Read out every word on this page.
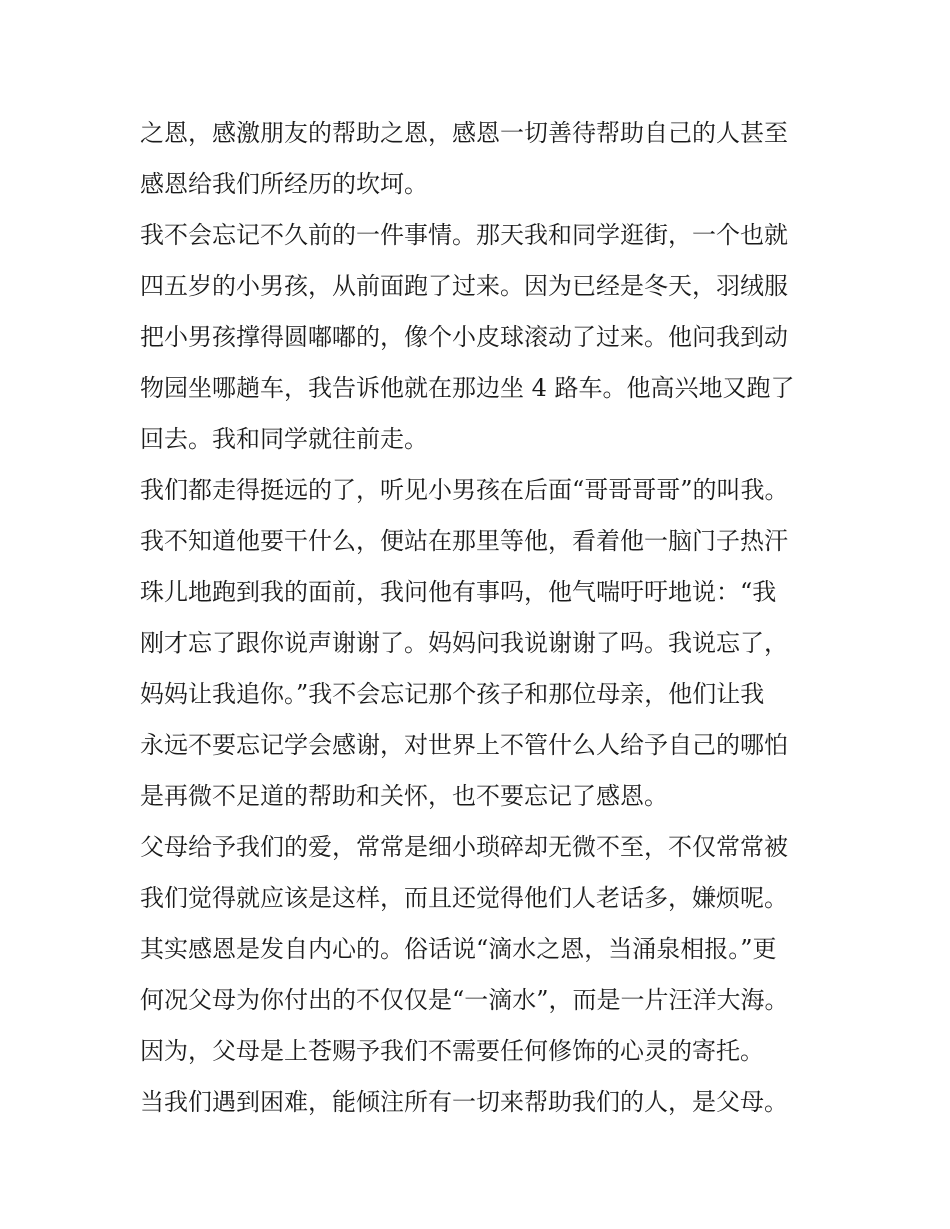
之恩，感激朋友的帮助之恩，感恩一切善待帮助自己的人甚至
感恩给我们所经历的坎坷。
我不会忘记不久前的一件事情。那天我和同学逛街，一个也就
四五岁的小男孩，从前面跑了过来。因为已经是冬天，羽绒服
把小男孩撑得圆嘟嘟的，像个小皮球滚动了过来。他问我到动
物园坐哪趟车，我告诉他就在那边坐 4 路车。他高兴地又跑了
回去。我和同学就往前走。
我们都走得挺远的了，听见小男孩在后面“哥哥哥哥”的叫我。
我不知道他要干什么，便站在那里等他，看着他一脑门子热汗
珠儿地跑到我的面前，我问他有事吗，他气喘吁吁地说：“我
刚才忘了跟你说声谢谢了。妈妈问我说谢谢了吗。我说忘了，
妈妈让我追你。”我不会忘记那个孩子和那位母亲，他们让我
永远不要忘记学会感谢，对世界上不管什么人给予自己的哪怕
是再微不足道的帮助和关怀，也不要忘记了感恩。
父母给予我们的爱，常常是细小琐碎却无微不至，不仅常常被
我们觉得就应该是这样，而且还觉得他们人老话多，嫌烦呢。
其实感恩是发自内心的。俗话说“滴水之恩，当涌泉相报。”更
何况父母为你付出的不仅仅是“一滴水”，而是一片汪洋大海。
因为，父母是上苍赐予我们不需要任何修饰的心灵的寄托。
当我们遇到困难，能倾注所有一切来帮助我们的人，是父母。
